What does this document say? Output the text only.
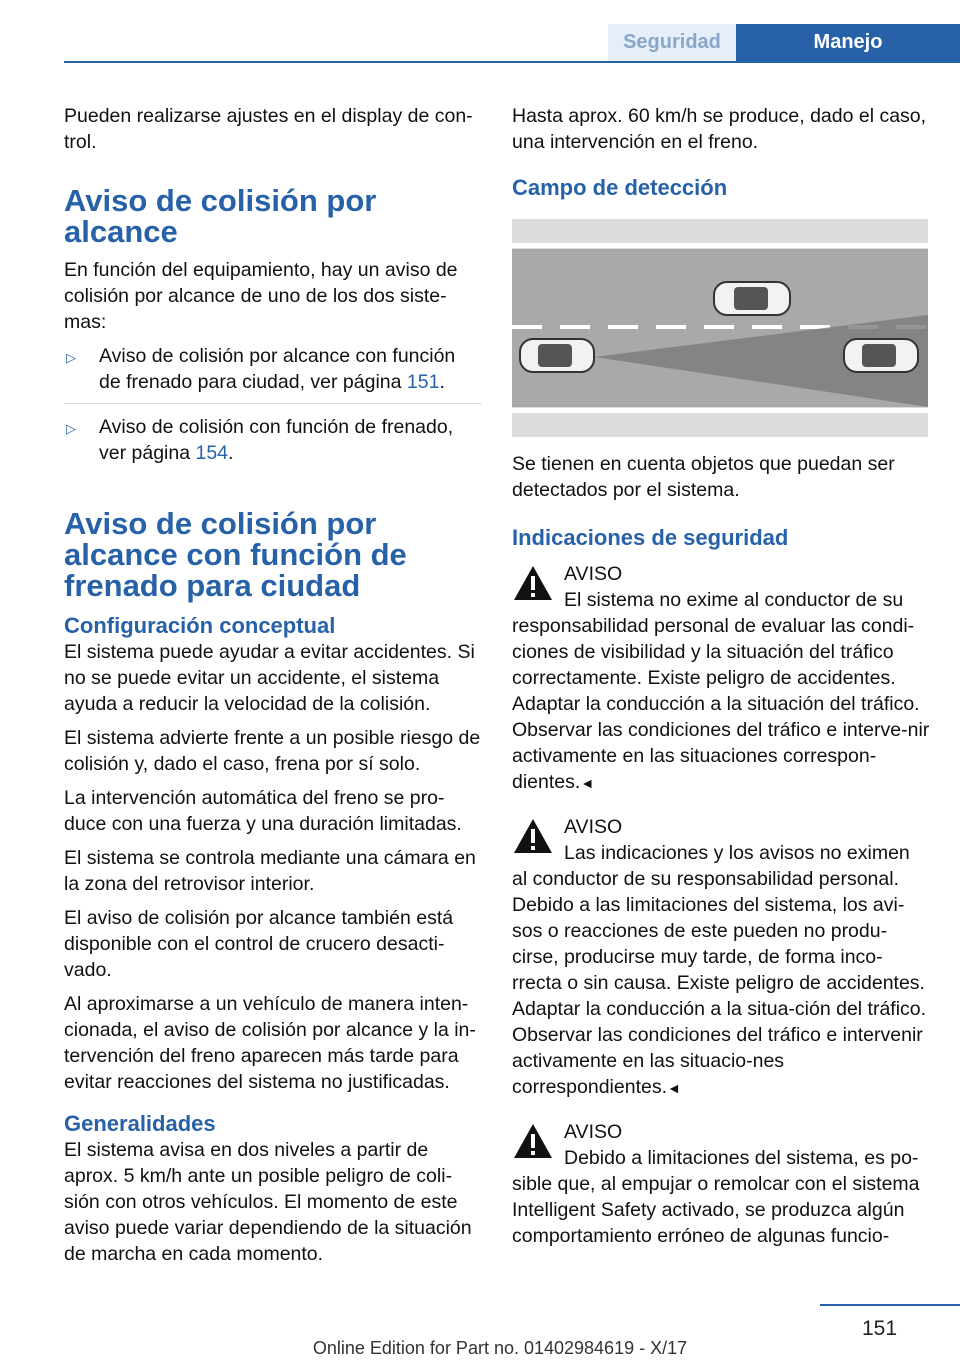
Seguridad	Manejo

Pueden realizarse ajustes en el display de con‐trol.

Aviso de colisión por alcance

En función del equipamiento, hay un aviso de colisión por alcance de uno de los dos siste‐mas:

▷ Aviso de colisión por alcance con función de frenado para ciudad, ver página 151.
▷ Aviso de colisión con función de frenado, ver página 154.
Aviso de colisión por alcance con función de frenado para ciudad
Configuración conceptual

El sistema puede ayudar a evitar accidentes. Si no se puede evitar un accidente, el sistema ayuda a reducir la velocidad de la colisión.

El sistema advierte frente a un posible riesgo de colisión y, dado el caso, frena por sí solo.

La intervención automática del freno se pro‐duce con una fuerza y una duración limitadas.

El sistema se controla mediante una cámara en la zona del retrovisor interior.

El aviso de colisión por alcance también está disponible con el control de crucero desacti‐vado.

Al aproximarse a un vehículo de manera inten‐cionada, el aviso de colisión por alcance y la in‐tervención del freno aparecen más tarde para evitar reacciones del sistema no justificadas.

Generalidades

El sistema avisa en dos niveles a partir de aprox. 5 km/h ante un posible peligro de coli‐sión con otros vehículos. El momento de este aviso puede variar dependiendo de la situación de marcha en cada momento.

Hasta aprox. 60 km/h se produce, dado el caso, una intervención en el freno.

Campo de detección

Se tienen en cuenta objetos que puedan ser detectados por el sistema.

Indicaciones de seguridad
AVISO
El sistema no exime al conductor de su responsabilidad personal de evaluar las condi‐ciones de visibilidad y la situación del tráfico correctamente. Existe peligro de accidentes. Adaptar la conducción a la situación del tráfico. Observar las condiciones del tráfico e interve‐nir activamente en las situaciones correspon‐dientes.◄
AVISO
Las indicaciones y los avisos no eximen al conductor de su responsabilidad personal. Debido a las limitaciones del sistema, los avi‐sos o reacciones de este pueden no produ‐cirse, producirse muy tarde, de forma inco‐rrecta o sin causa. Existe peligro de accidentes. Adaptar la conducción a la situa‐ción del tráfico. Observar las condiciones del tráfico e intervenir activamente en las situacio‐nes correspondientes.◄
AVISO
Debido a limitaciones del sistema, es po‐sible que, al empujar o remolcar con el sistema Intelligent Safety activado, se produzca algún comportamiento erróneo de algunas funcio‐
151
Online Edition for Part no. 01402984619 - X/17
